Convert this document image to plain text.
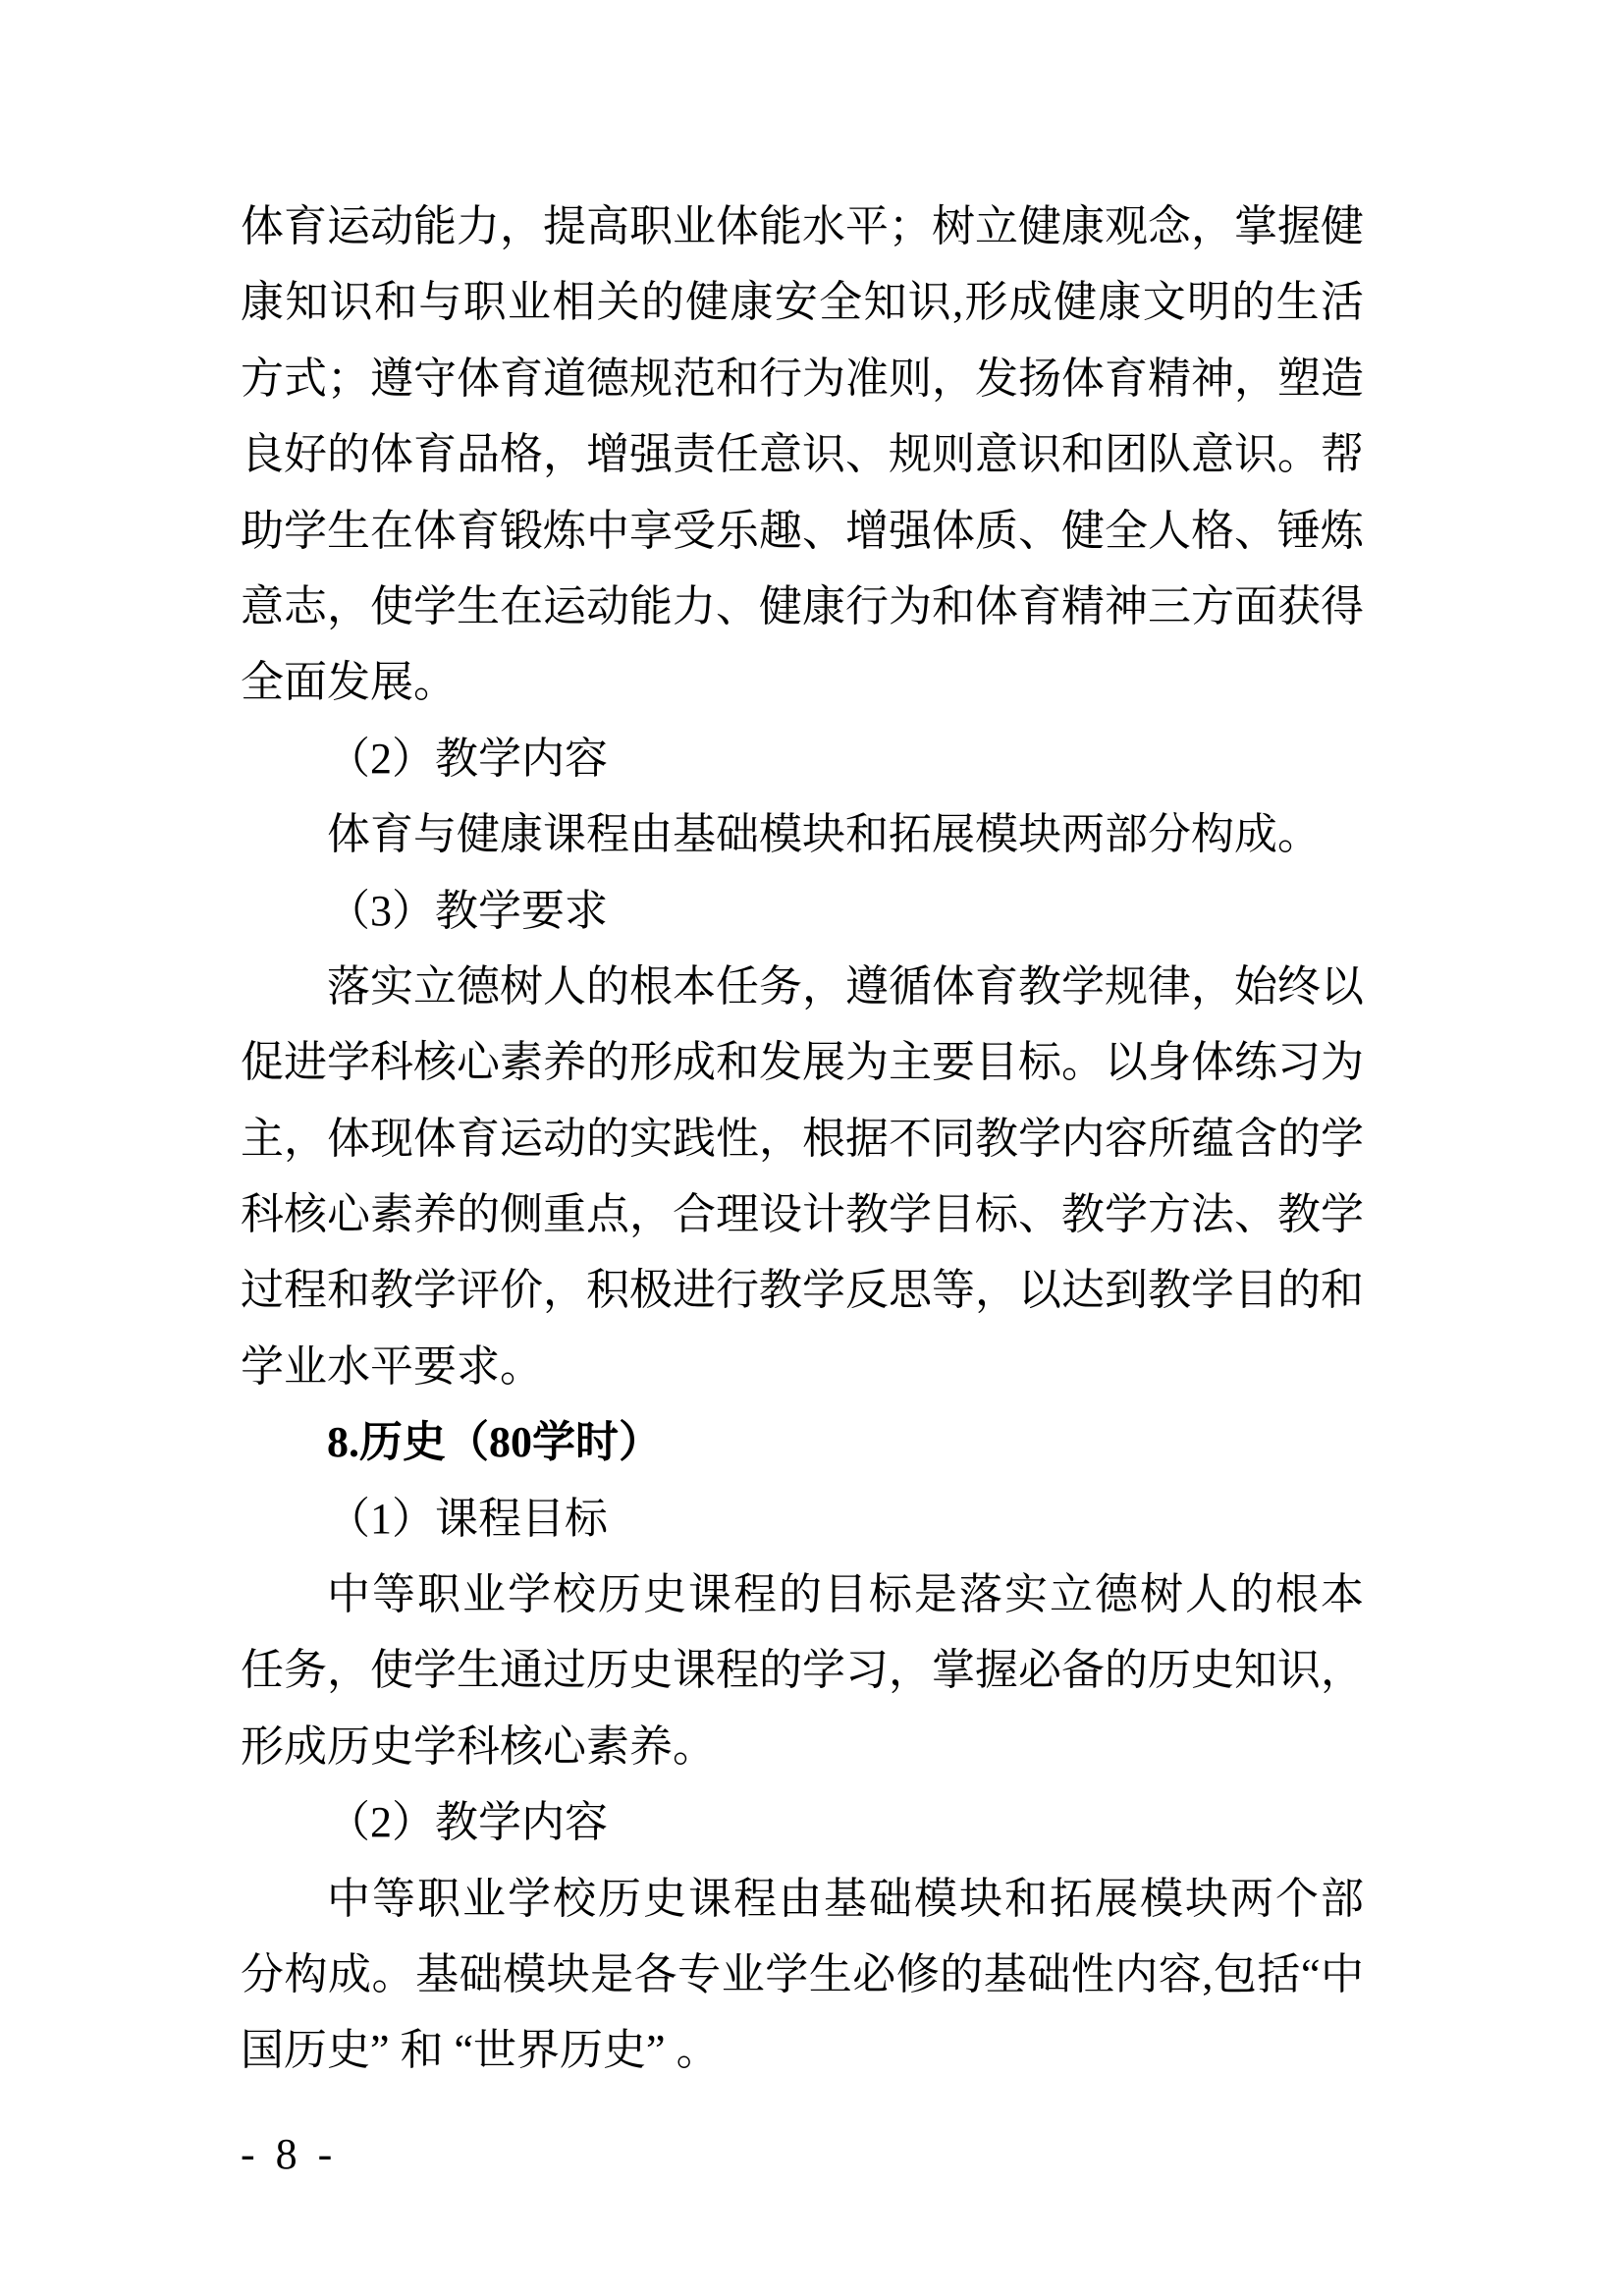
体育运动能力，提高职业体能水平；树立健康观念，掌握健
康知识和与职业相关的健康安全知识,形成健康文明的生活
方式；遵守体育道德规范和行为准则，发扬体育精神，塑造
良好的体育品格，增强责任意识、规则意识和团队意识。帮
助学生在体育锻炼中享受乐趣、增强体质、健全人格、锤炼
意志，使学生在运动能力、健康行为和体育精神三方面获得
全面发展。
（2）教学内容
体育与健康课程由基础模块和拓展模块两部分构成。
（3）教学要求
落实立德树人的根本任务，遵循体育教学规律，始终以
促进学科核心素养的形成和发展为主要目标。以身体练习为
主，体现体育运动的实践性，根据不同教学内容所蕴含的学
科核心素养的侧重点，合理设计教学目标、教学方法、教学
过程和教学评价，积极进行教学反思等，以达到教学目的和
学业水平要求。
8.历史（80学时）
（1）课程目标
中等职业学校历史课程的目标是落实立德树人的根本
任务，使学生通过历史课程的学习，掌握必备的历史知识，
形成历史学科核心素养。
（2）教学内容
中等职业学校历史课程由基础模块和拓展模块两个部
分构成。基础模块是各专业学生必修的基础性内容,包括“中
国历史” 和 “世界历史” 。
- 8 -
